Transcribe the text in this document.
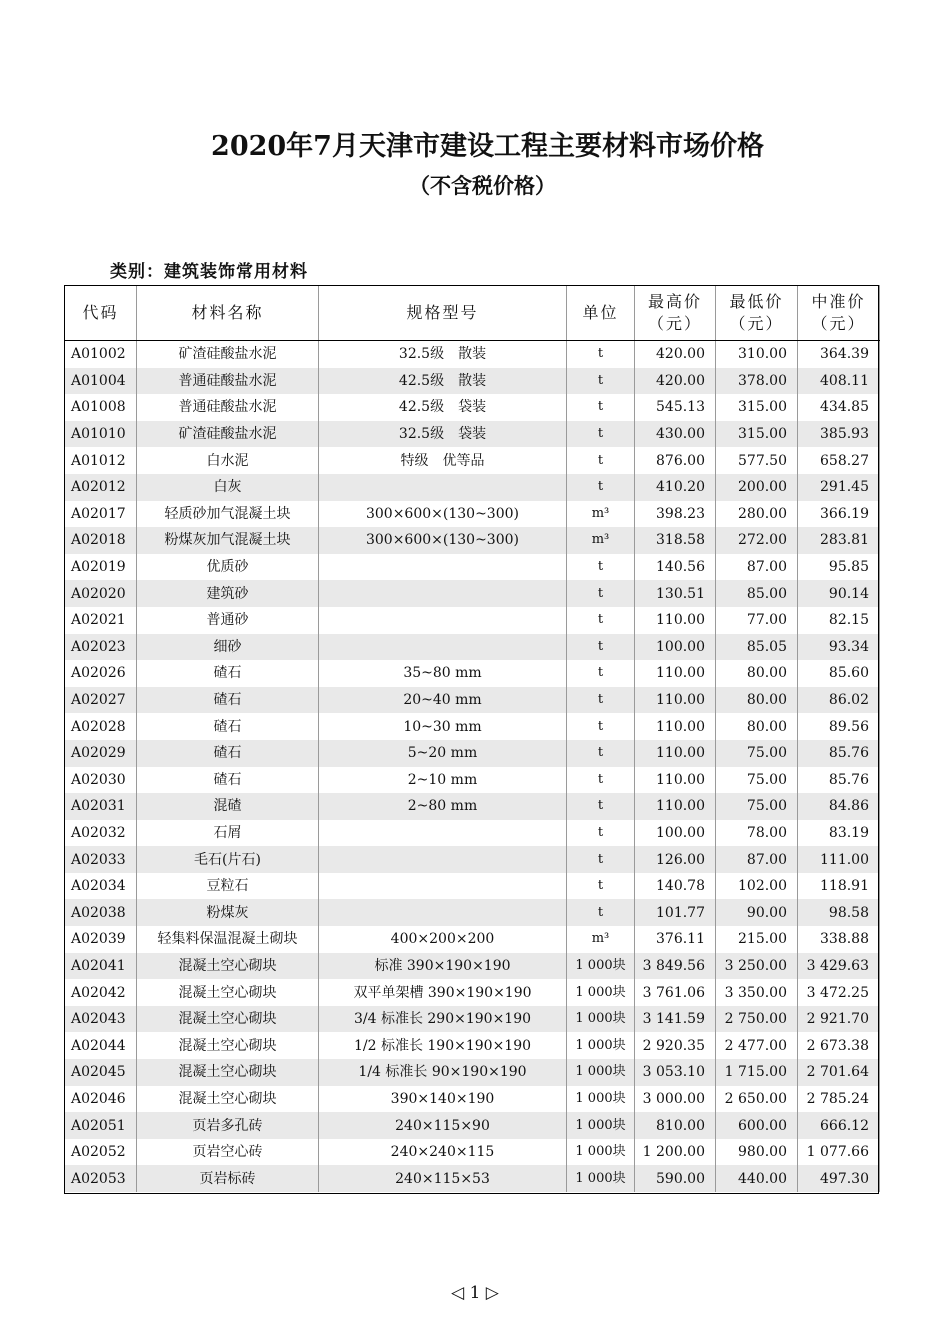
2020年7月天津市建设工程主要材料市场价格
（不含税价格）
类别：建筑装饰常用材料
代码	材料名称	规格型号	单位	最高价（元）	最低价（元）	中准价（元）
A01002	矿渣硅酸盐水泥	32.5级　散装	t	420.00	310.00	364.39
A01004	普通硅酸盐水泥	42.5级　散装	t	420.00	378.00	408.11
A01008	普通硅酸盐水泥	42.5级　袋装	t	545.13	315.00	434.85
A01010	矿渣硅酸盐水泥	32.5级　袋装	t	430.00	315.00	385.93
A01012	白水泥	特级　优等品	t	876.00	577.50	658.27
A02012	白灰		t	410.20	200.00	291.45
A02017	轻质砂加气混凝土块	300×600×(130~300)	m³	398.23	280.00	366.19
A02018	粉煤灰加气混凝土块	300×600×(130~300)	m³	318.58	272.00	283.81
A02019	优质砂		t	140.56	87.00	95.85
A02020	建筑砂		t	130.51	85.00	90.14
A02021	普通砂		t	110.00	77.00	82.15
A02023	细砂		t	100.00	85.05	93.34
A02026	碴石	35~80 mm	t	110.00	80.00	85.60
A02027	碴石	20~40 mm	t	110.00	80.00	86.02
A02028	碴石	10~30 mm	t	110.00	80.00	89.56
A02029	碴石	5~20 mm	t	110.00	75.00	85.76
A02030	碴石	2~10 mm	t	110.00	75.00	85.76
A02031	混碴	2~80 mm	t	110.00	75.00	84.86
A02032	石屑		t	100.00	78.00	83.19
A02033	毛石(片石)		t	126.00	87.00	111.00
A02034	豆粒石		t	140.78	102.00	118.91
A02038	粉煤灰		t	101.77	90.00	98.58
A02039	轻集料保温混凝土砌块	400×200×200	m³	376.11	215.00	338.88
A02041	混凝土空心砌块	标准 390×190×190	1 000块	3 849.56	3 250.00	3 429.63
A02042	混凝土空心砌块	双平单架槽 390×190×190	1 000块	3 761.06	3 350.00	3 472.25
A02043	混凝土空心砌块	3/4 标准长 290×190×190	1 000块	3 141.59	2 750.00	2 921.70
A02044	混凝土空心砌块	1/2 标准长 190×190×190	1 000块	2 920.35	2 477.00	2 673.38
A02045	混凝土空心砌块	1/4 标准长 90×190×190	1 000块	3 053.10	1 715.00	2 701.64
A02046	混凝土空心砌块	390×140×190	1 000块	3 000.00	2 650.00	2 785.24
A02051	页岩多孔砖	240×115×90	1 000块	810.00	600.00	666.12
A02052	页岩空心砖	240×240×115	1 000块	1 200.00	980.00	1 077.66
A02053	页岩标砖	240×115×53	1 000块	590.00	440.00	497.30
◁ 1 ▷
